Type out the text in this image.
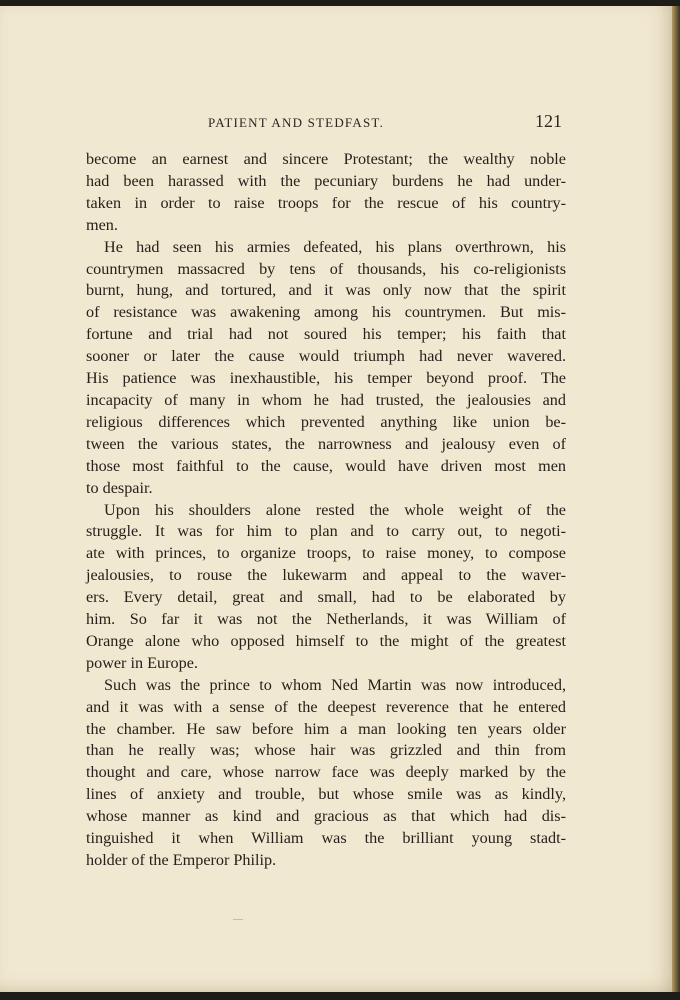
PATIENT AND STEDFAST.	121
become an earnest and sincere Protestant; the wealthy noble
had been harassed with the pecuniary burdens he had under-
taken in order to raise troops for the rescue of his country-
men.
He had seen his armies defeated, his plans overthrown, his
countrymen massacred by tens of thousands, his co-religionists
burnt, hung, and tortured, and it was only now that the spirit
of resistance was awakening among his countrymen. But mis-
fortune and trial had not soured his temper; his faith that
sooner or later the cause would triumph had never wavered.
His patience was inexhaustible, his temper beyond proof. The
incapacity of many in whom he had trusted, the jealousies and
religious differences which prevented anything like union be-
tween the various states, the narrowness and jealousy even of
those most faithful to the cause, would have driven most men
to despair.
Upon his shoulders alone rested the whole weight of the
struggle. It was for him to plan and to carry out, to negoti-
ate with princes, to organize troops, to raise money, to compose
jealousies, to rouse the lukewarm and appeal to the waver-
ers. Every detail, great and small, had to be elaborated by
him. So far it was not the Netherlands, it was William of
Orange alone who opposed himself to the might of the greatest
power in Europe.
Such was the prince to whom Ned Martin was now introduced,
and it was with a sense of the deepest reverence that he entered
the chamber. He saw before him a man looking ten years older
than he really was; whose hair was grizzled and thin from
thought and care, whose narrow face was deeply marked by the
lines of anxiety and trouble, but whose smile was as kindly,
whose manner as kind and gracious as that which had dis-
tinguished it when William was the brilliant young stadt-
holder of the Emperor Philip.
